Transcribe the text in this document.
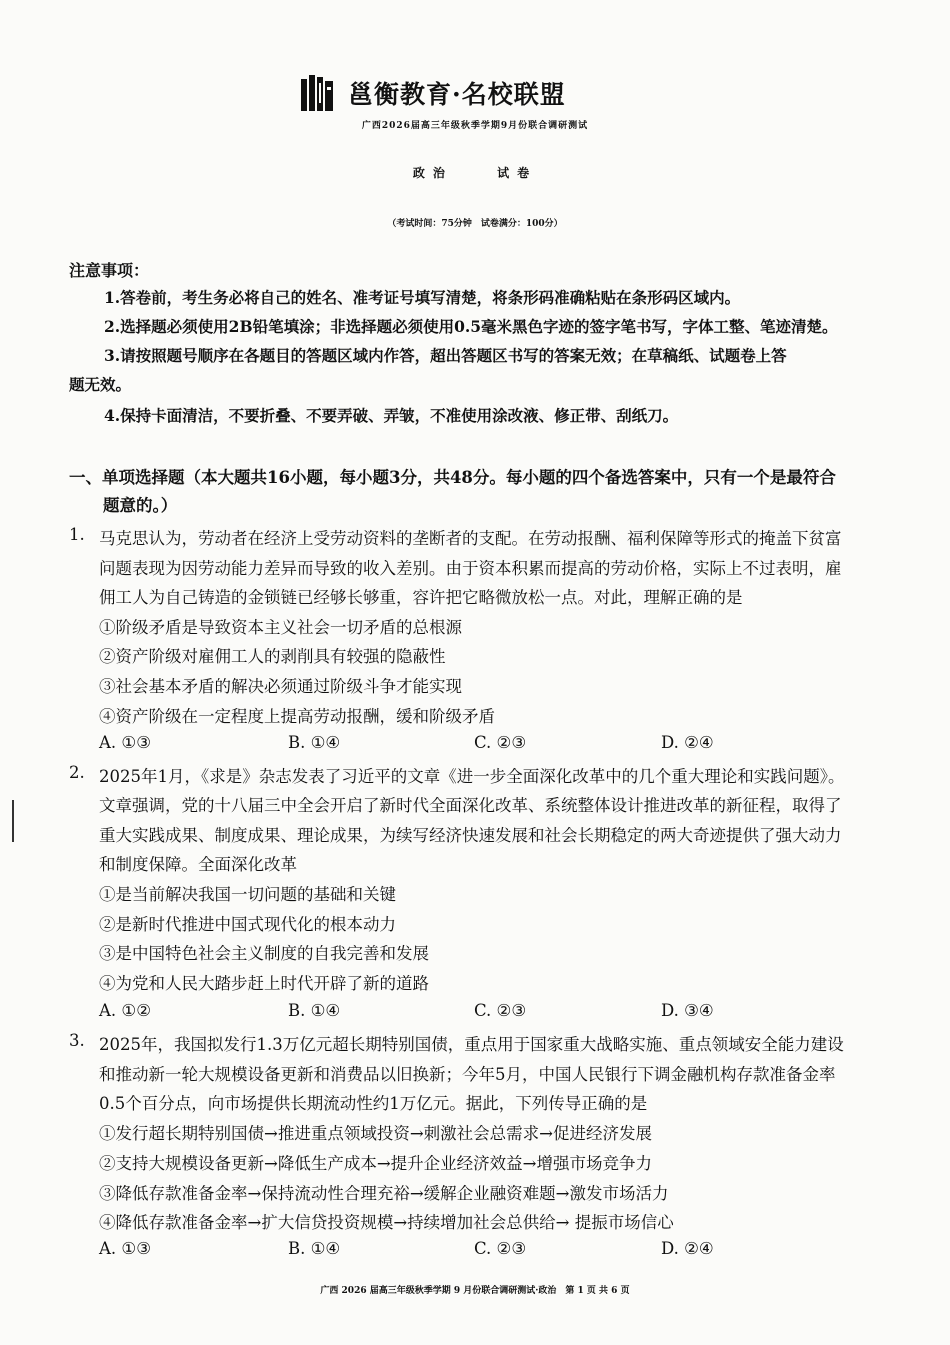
邕衡教育·名校联盟
广西2026届高三年级秋季学期9月份联合调研测试
政治	试卷
（考试时间：75分钟　试卷满分：100分）
注意事项：
1.答卷前，考生务必将自己的姓名、准考证号填写清楚，将条形码准确粘贴在条形码区域内。
2.选择题必须使用2B铅笔填涂；非选择题必须使用0.5毫米黑色字迹的签字笔书写，字体工整、笔迹清楚。
3.请按照题号顺序在各题目的答题区域内作答，超出答题区书写的答案无效；在草稿纸、试题卷上答
题无效。
4.保持卡面清洁，不要折叠、不要弄破、弄皱，不准使用涂改液、修正带、刮纸刀。
一、单项选择题（本大题共16小题，每小题3分，共48分。每小题的四个备选答案中，只有一个是最符合
题意的。）
1. 马克思认为，劳动者在经济上受劳动资料的垄断者的支配。在劳动报酬、福利保障等形式的掩盖下贫富
问题表现为因劳动能力差异而导致的收入差别。由于资本积累而提高的劳动价格，实际上不过表明，雇
佣工人为自己铸造的金锁链已经够长够重，容许把它略微放松一点。对此，理解正确的是
①阶级矛盾是导致资本主义社会一切矛盾的总根源
②资产阶级对雇佣工人的剥削具有较强的隐蔽性
③社会基本矛盾的解决必须通过阶级斗争才能实现
④资产阶级在一定程度上提高劳动报酬，缓和阶级矛盾
A. ①③	B. ①④	C. ②③	D. ②④
2. 2025年1月，《求是》杂志发表了习近平的文章《进一步全面深化改革中的几个重大理论和实践问题》。
文章强调，党的十八届三中全会开启了新时代全面深化改革、系统整体设计推进改革的新征程，取得了
重大实践成果、制度成果、理论成果，为续写经济快速发展和社会长期稳定的两大奇迹提供了强大动力
和制度保障。全面深化改革
①是当前解决我国一切问题的基础和关键
②是新时代推进中国式现代化的根本动力
③是中国特色社会主义制度的自我完善和发展
④为党和人民大踏步赶上时代开辟了新的道路
A. ①②	B. ①④	C. ②③	D. ③④
3. 2025年，我国拟发行1.3万亿元超长期特别国债，重点用于国家重大战略实施、重点领域安全能力建设
和推动新一轮大规模设备更新和消费品以旧换新；今年5月，中国人民银行下调金融机构存款准备金率
0.5个百分点，向市场提供长期流动性约1万亿元。据此，下列传导正确的是
①发行超长期特别国债→推进重点领域投资→刺激社会总需求→促进经济发展
②支持大规模设备更新→降低生产成本→提升企业经济效益→增强市场竞争力
③降低存款准备金率→保持流动性合理充裕→缓解企业融资难题→激发市场活力
④降低存款准备金率→扩大信贷投资规模→持续增加社会总供给→ 提振市场信心
A. ①③	B. ①④	C. ②③	D. ②④
广西 2026 届高三年级秋季学期 9 月份联合调研测试·政治　第 1 页 共 6 页
